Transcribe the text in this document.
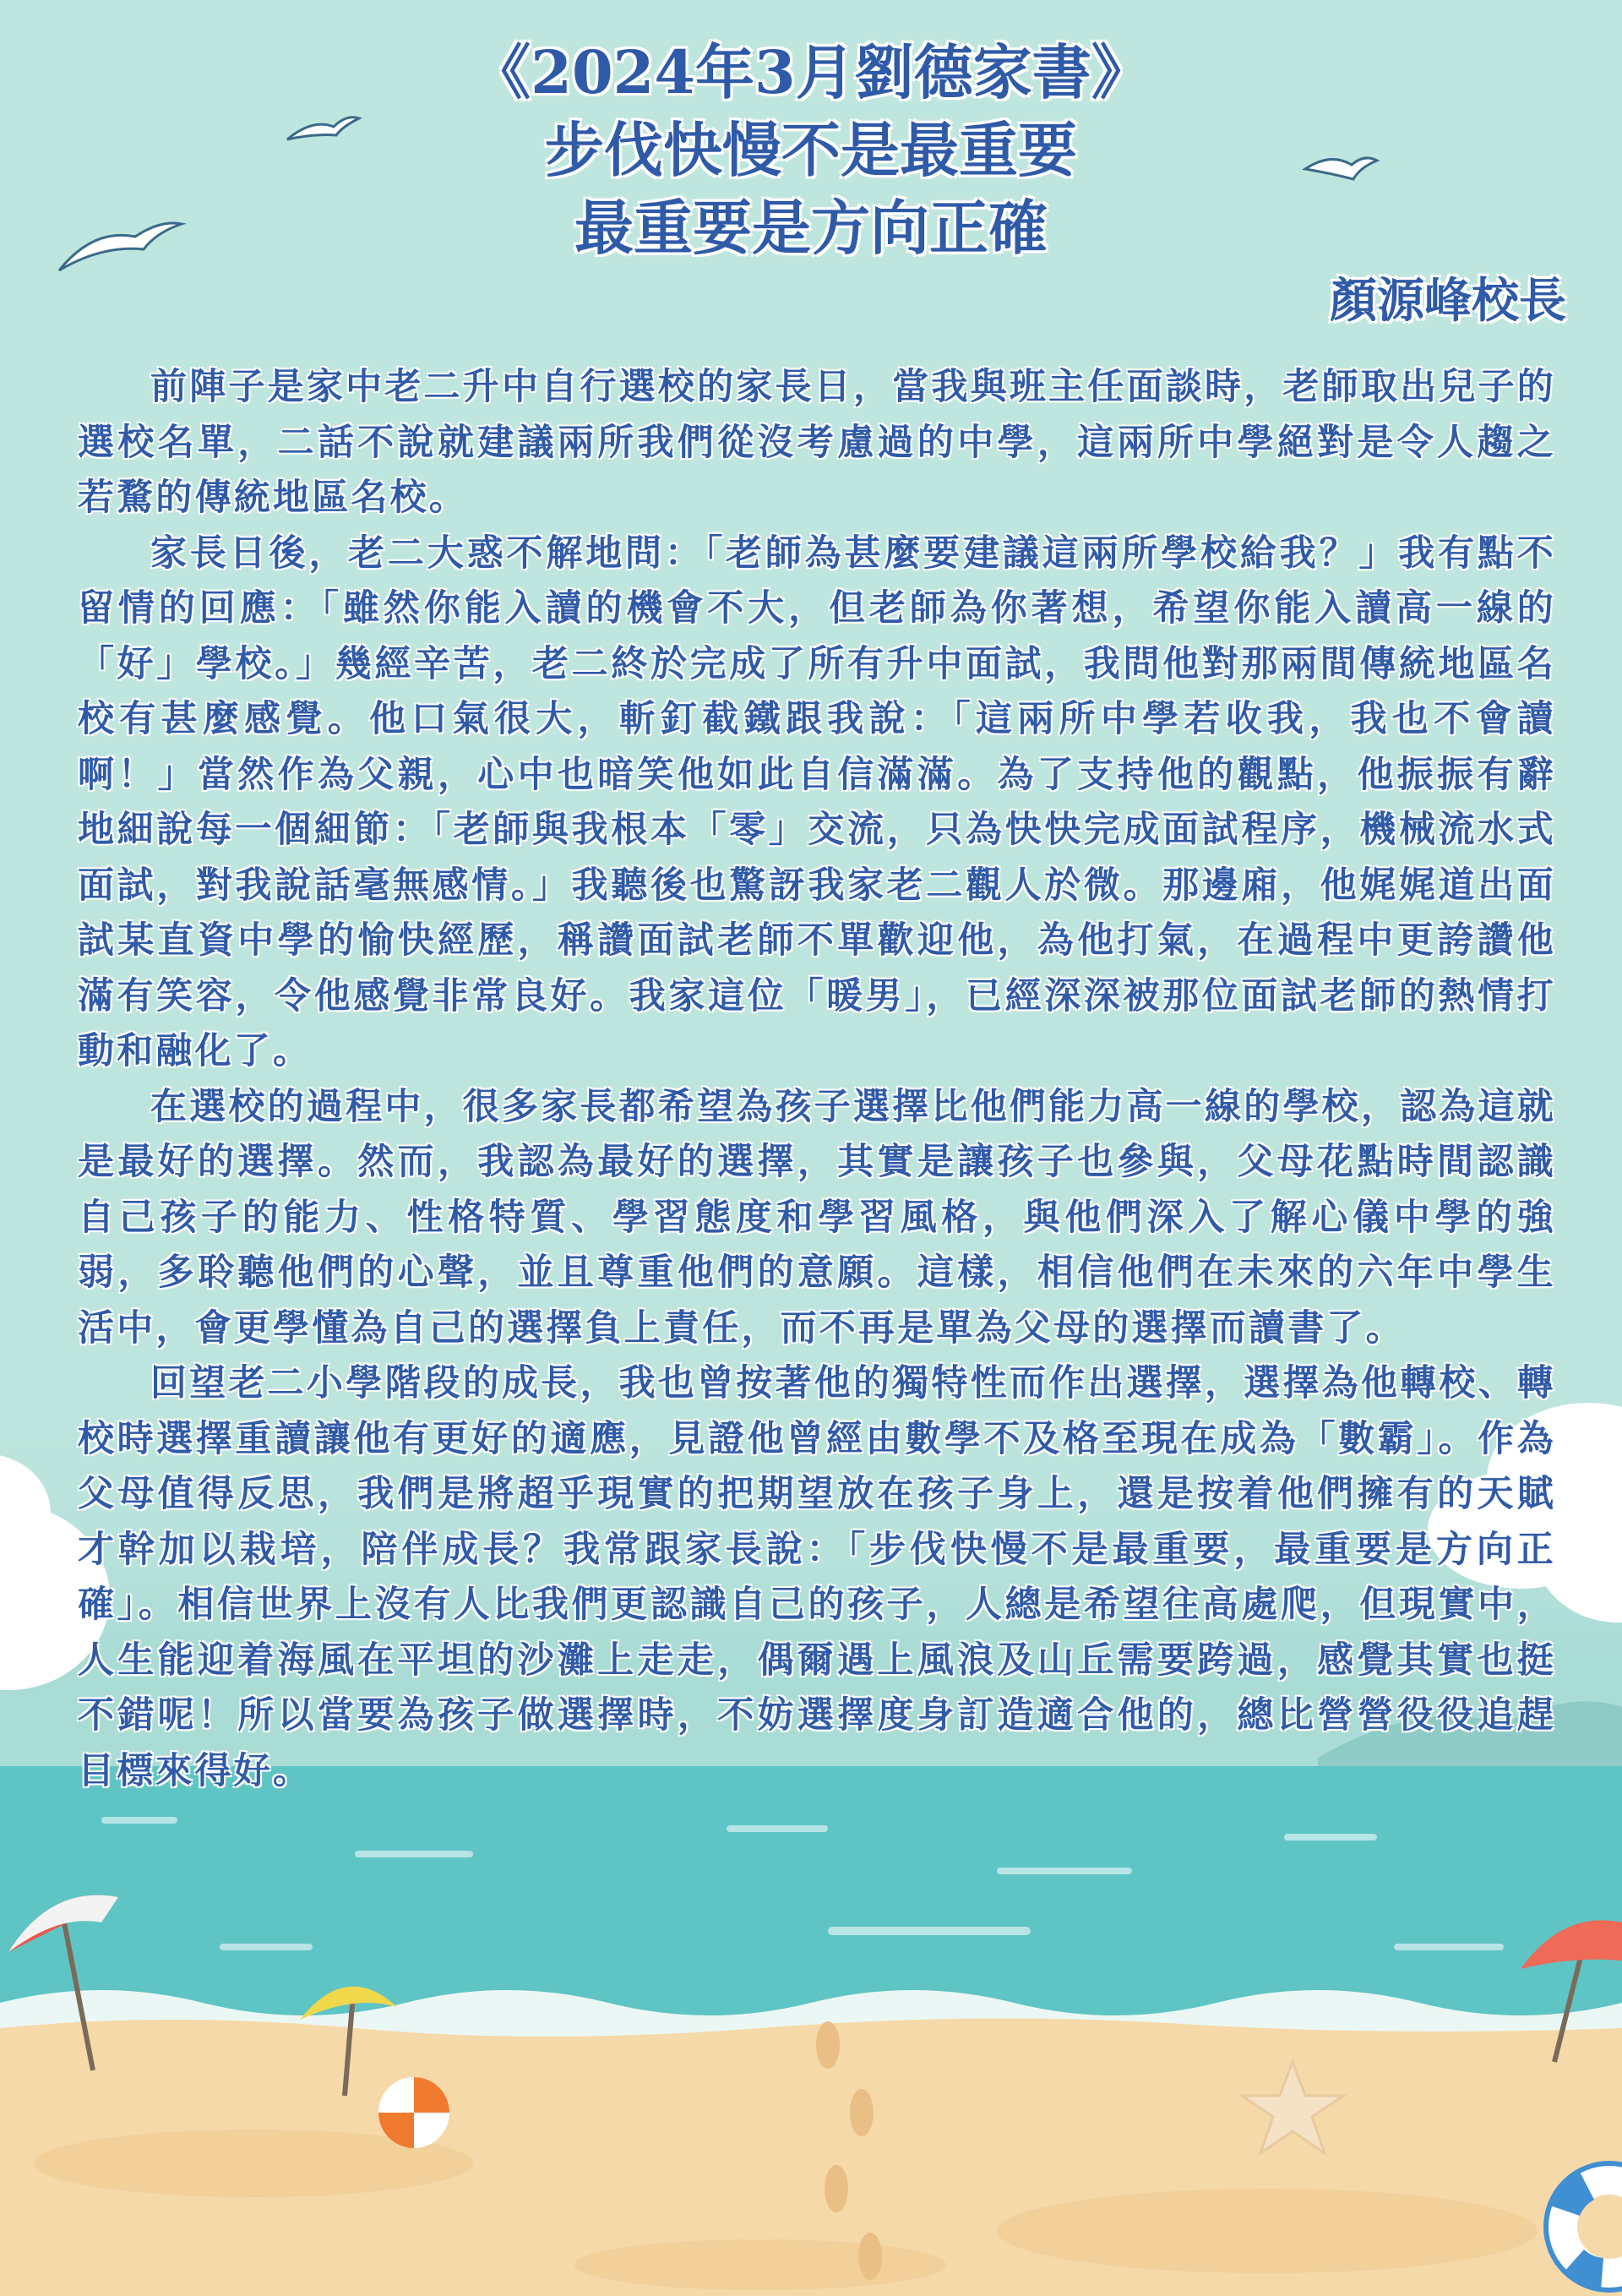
《2024年3月劉德家書》
步伐快慢不是最重要
最重要是方向正確
顏源峰校長

前陣子是家中老二升中自行選校的家長日，當我與班主任面談時，老師取出兒子的選校名單，二話不說就建議兩所我們從沒考慮過的中學，這兩所中學絕對是令人趨之若騖的傳統地區名校。

家長日後，老二大惑不解地問：「老師為甚麼要建議這兩所學校給我？」我有點不留情的回應：「雖然你能入讀的機會不大，但老師為你著想，希望你能入讀高一線的「好」學校。」幾經辛苦，老二終於完成了所有升中面試，我問他對那兩間傳統地區名校有甚麼感覺。他口氣很大，斬釘截鐵跟我說：「這兩所中學若收我，我也不會讀啊！」當然作為父親，心中也暗笑他如此自信滿滿。為了支持他的觀點，他振振有辭地細說每一個細節：「老師與我根本「零」交流，只為快快完成面試程序，機械流水式面試，對我說話毫無感情。」我聽後也驚訝我家老二觀人於微。那邊廂，他娓娓道出面試某直資中學的愉快經歷，稱讚面試老師不單歡迎他，為他打氣，在過程中更誇讚他滿有笑容，令他感覺非常良好。我家這位「暖男」，已經深深被那位面試老師的熱情打動和融化了。

在選校的過程中，很多家長都希望為孩子選擇比他們能力高一線的學校，認為這就是最好的選擇。然而，我認為最好的選擇，其實是讓孩子也參與，父母花點時間認識自己孩子的能力、性格特質、學習態度和學習風格，與他們深入了解心儀中學的強弱，多聆聽他們的心聲，並且尊重他們的意願。這樣，相信他們在未來的六年中學生活中，會更學懂為自己的選擇負上責任，而不再是單為父母的選擇而讀書了。

回望老二小學階段的成長，我也曾按著他的獨特性而作出選擇，選擇為他轉校、轉校時選擇重讀讓他有更好的適應，見證他曾經由數學不及格至現在成為「數霸」。作為父母值得反思，我們是將超乎現實的把期望放在孩子身上，還是按着他們擁有的天賦才幹加以栽培，陪伴成長？我常跟家長說：「步伐快慢不是最重要，最重要是方向正確」。相信世界上沒有人比我們更認識自己的孩子，人總是希望往高處爬，但現實中，人生能迎着海風在平坦的沙灘上走走，偶爾遇上風浪及山丘需要跨過，感覺其實也挺不錯呢！所以當要為孩子做選擇時，不妨選擇度身訂造適合他的，總比營營役役追趕目標來得好。
